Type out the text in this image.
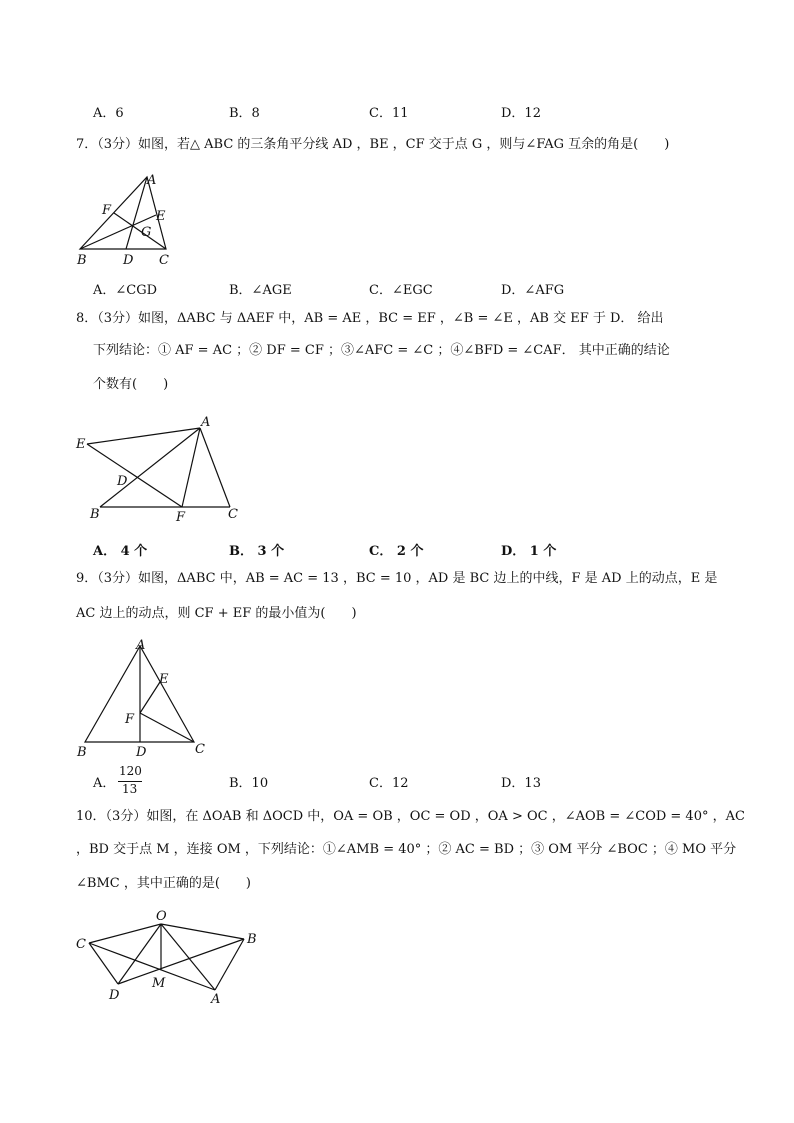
A．6	B．8	C．11	D．12
7．（3分）如图，若△ ABC 的三条角平分线 AD ，BE ，CF 交于点 G ，则与∠FAG 互余的角是(　　)
A
F	E
G
B	D C
A．∠CGD	B．∠AGE	C．∠EGC	D．∠AFG
8．（3分）如图，ΔABC 与 ΔAEF 中，AB = AE ，BC = EF ，∠B = ∠E ，AB 交 EF 于 D． 给出
下列结论：① AF = AC ；② DF = CF ；③∠AFC = ∠C ；④∠BFD = ∠CAF． 其中正确的结论
个数有(　　)
A
E
D
B	F	C
A． 4 个	B． 3 个	C． 2 个	D． 1 个
9．（3分）如图，ΔABC 中，AB = AC = 13 ，BC = 10 ，AD 是 BC 边上的中线，F 是 AD 上的动点，E 是
AC 边上的动点，则 CF + EF 的最小值为(　　)
A
E
F
B	D	C
A．
120
13	B．10	C．12	D．13
10．（3分）如图，在 ΔOAB 和 ΔOCD 中，OA = OB ，OC = OD ，OA > OC ，∠AOB = ∠COD = 40° ，AC
，BD 交于点 M ，连接 OM ，下列结论：①∠AMB = 40° ；② AC = BD ；③ OM 平分 ∠BOC ；④ MO 平分
∠BMC ，其中正确的是(　　)
O
C	B
M
D	A
